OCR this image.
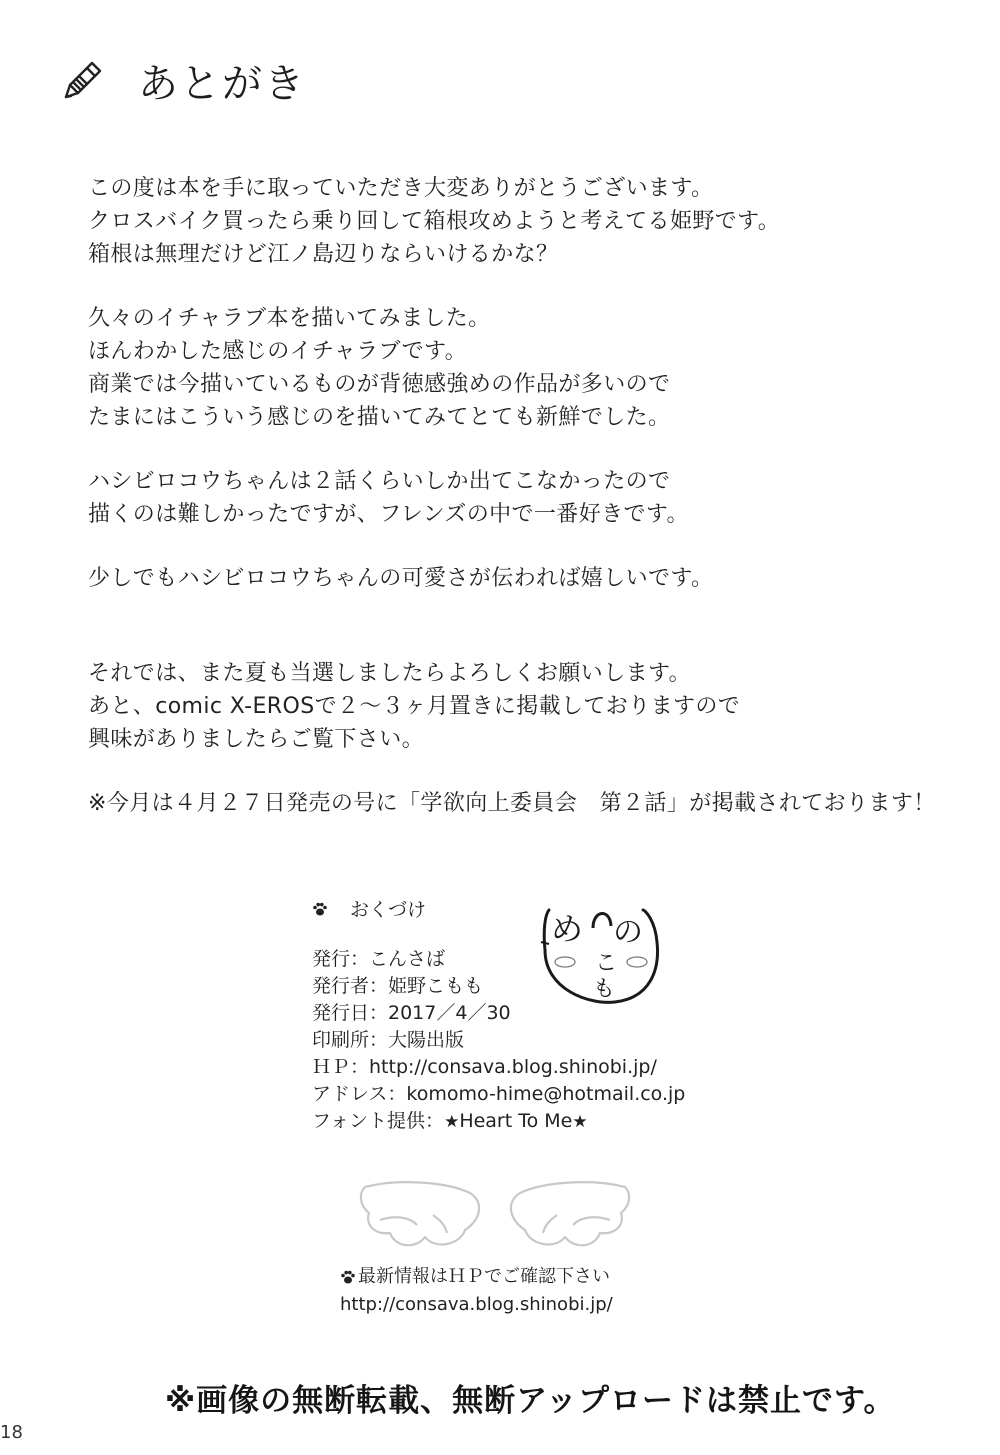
あとがき
この度は本を手に取っていただき大変ありがとうございます。
クロスバイク買ったら乗り回して箱根攻めようと考えてる姫野です。
箱根は無理だけど江ノ島辺りならいけるかな？
久々のイチャラブ本を描いてみました。
ほんわかした感じのイチャラブです。
商業では今描いているものが背徳感強めの作品が多いので
たまにはこういう感じのを描いてみてとても新鮮でした。
ハシビロコウちゃんは２話くらいしか出てこなかったので
描くのは難しかったですが、フレンズの中で一番好きです。
少しでもハシビロコウちゃんの可愛さが伝われば嬉しいです。
それでは、また夏も当選しましたらよろしくお願いします。
あと、comic X-EROSで２～３ヶ月置きに掲載しておりますので
興味がありましたらご覧下さい。
※今月は４月２７日発売の号に「学欲向上委員会　第２話」が掲載されております！
おくづけ
発行：こんさば
発行者：姫野こもも
発行日：2017／4／30
印刷所：大陽出版
ＨＰ：http://consava.blog.shinobi.jp/
アドレス：komomo-hime@hotmail.co.jp
フォント提供：★Heart To Me★
め の
こ
も
最新情報はＨＰでご確認下さい
http://consava.blog.shinobi.jp/
※画像の無断転載、無断アップロードは禁止です。
18
